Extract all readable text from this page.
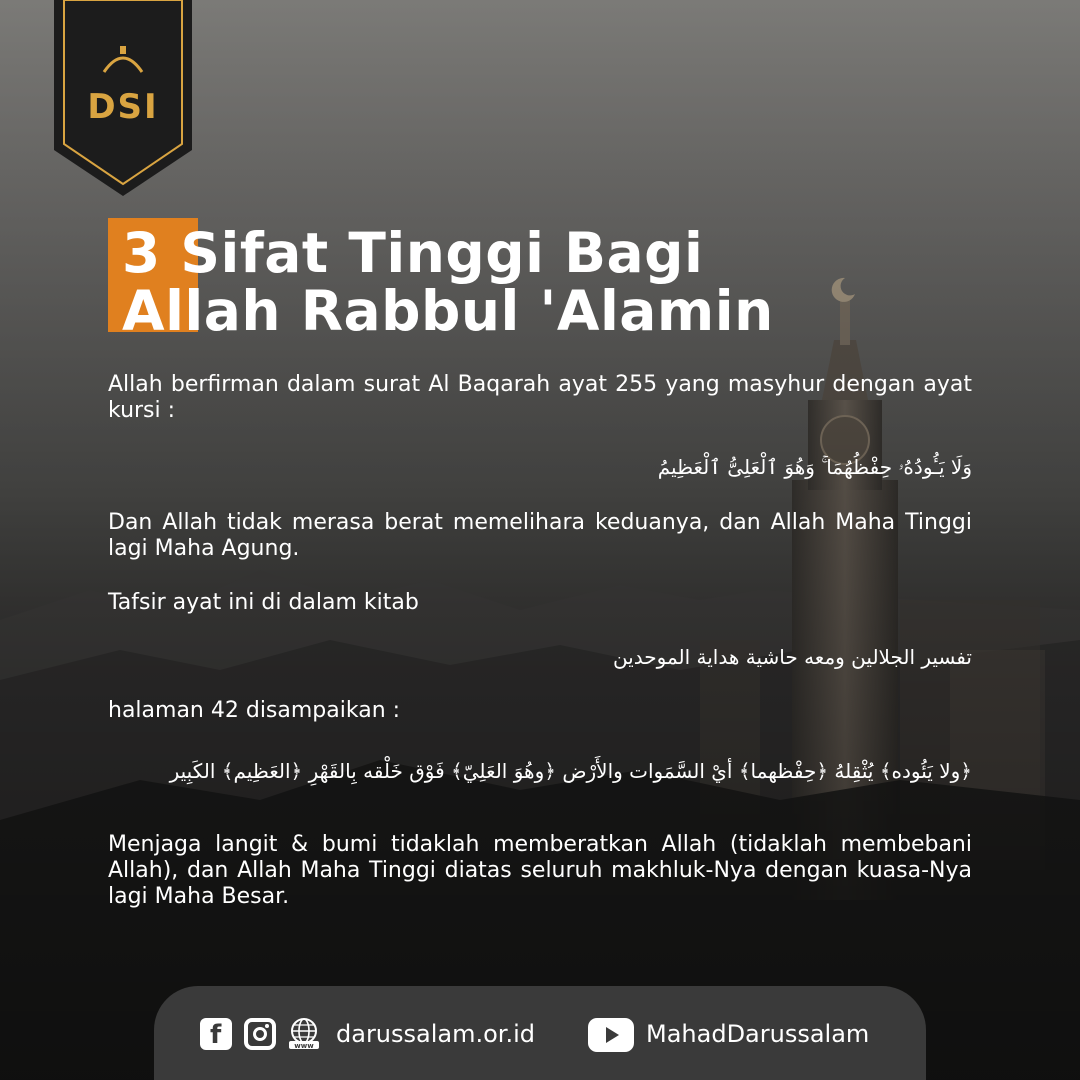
DSI
3 Sifat Tinggi Bagi
Allah Rabbul 'Alamin

Allah berfirman dalam surat Al Baqarah ayat 255 yang masyhur dengan ayat kursi :

وَلَا يَـُٔودُهُۥ حِفْظُهُمَا ۚ وَهُوَ ٱلْعَلِىُّ ٱلْعَظِيمُ

Dan Allah tidak merasa berat memelihara keduanya, dan Allah Maha Tinggi lagi Maha Agung.

Tafsir ayat ini di dalam kitab

تفسير الجلالين ومعه حاشية هداية الموحدين

halaman 42 disampaikan :

﴿ولا يَئُوده﴾ يُثْقِلهُ ﴿حِفْظهما﴾ أيْ السَّمَوات والأَرْض ﴿وهُوَ العَلِيّ﴾ فَوْق خَلْقه بِالقَهْرِ ﴿العَظِيم﴾ الكَبِير

Menjaga langit & bumi tidaklah memberatkan Allah (tidaklah membebani Allah), dan Allah Maha Tinggi diatas seluruh makhluk-Nya dengan kuasa-Nya lagi Maha Besar.

f	www darussalam.or.id	MahadDarussalam
